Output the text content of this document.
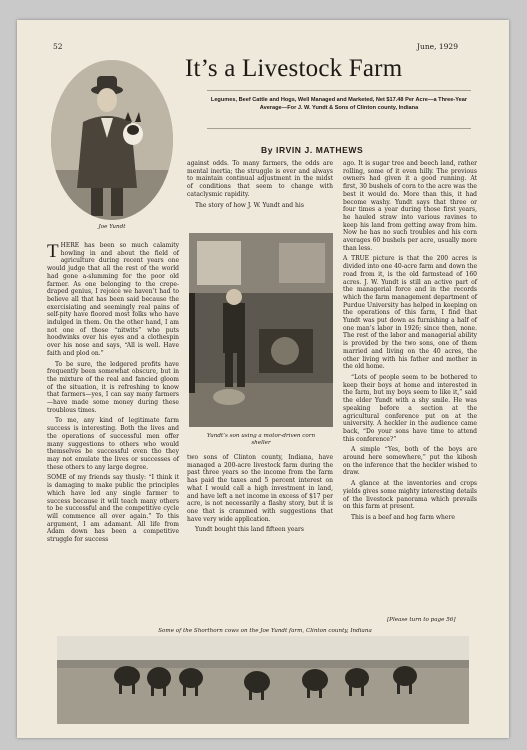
52	June, 1929
Joe Yundt
It’s a Livestock Farm
Legumes, Beef Cattle and Hogs, Well Managed and Marketed, Net $17.48 Per Acre—a Three-Year Average—For J. W. Yundt & Sons of Clinton county, Indiana
By IRVIN J. MATHEWS

THERE has been so much calamity howling in and about the field of agriculture during recent years one would judge that all the rest of the world had gone a-slumming for the poor old farmer. As one belonging to the crepe-draped genius, I rejoice we haven’t had to believe all that has been said because the exercisiating and seemingly real pains of self-pity have floored most folks who have indulged in them. On the other hand, I am not one of those “nitwits” who puts hoodwinks over his eyes and a clothespin over his nose and says, “All is well. Have faith and plod on.”

To be sure, the ledgered profits have frequently been somewhat obscure, but in the mixture of the real and fancied gloom of the situation, it is refreshing to know that farmers—yes, I can say many farmers—have made some money during these troublous times.

To me, any kind of legitimate farm success is interesting. Both the lives and the operations of successful men offer many suggestions to others who would themselves be successful even tho they may not emulate the lives or successes of these others to any large degree.

SOME of my friends say thusly: “I think it is damaging to make public the principles which have led any single farmer to success because it will teach many others to be successful and the competitive cycle will commence all over again.” To this argument, I am adamant. All life from Adam down has been a competitive struggle for success

against odds. To many farmers, the odds are mental inertia; the struggle is ever and always to maintain continual adjustment in the midst of conditions that seem to change with cataclysmic rapidity.

The story of how J. W. Yundt and his

Yundt’s son using a motor-driven corn sheller

two sons of Clinton county, Indiana, have managed a 200-acre livestock farm during the past three years so the income from the farm has paid the taxes and 5 percent interest on what I would call a high investment in land, and have left a net income in excess of $17 per acre, is not necessarily a flashy story, but it is one that is crammed with suggestions that have very wide application.

Yundt bought this land fifteen years

ago. It is sugar tree and beech land, rather rolling, some of it even hilly. The previous owners had given it a good running. At first, 30 bushels of corn to the acre was the best it would do. More than this, it had become washy. Yundt says that three or four times a year during those first years, he hauled straw into various ravines to keep his land from getting away from him. Now he has no such troubles and his corn averages 60 bushels per acre, usually more than less.

A TRUE picture is that the 200 acres is divided into one 40-acre farm and down the road from it, is the old farmstead of 160 acres. J. W. Yundt is still an active part of the managerial force and in the records which the farm management department of Purdue University has helped in keeping on the operations of this farm, I find that Yundt was put down as furnishing a half of one man’s labor in 1926; since then, none. The rest of the labor and managerial ability is provided by the two sons, one of them married and living on the 40 acres, the other living with his father and mother in the old home.

“Lots of people seem to be bothered to keep their boys at home and interested in the farm, but my boys seem to like it,” said the elder Yundt with a shy smile. He was speaking before a section at the agricultural conference put on at the university. A heckler in the audience came back, “Do your sons have time to attend this conference?”

A simple “Yes, both of the boys are around here somewhere,” put the kibosh on the inference that the heckler wished to draw.

A glance at the inventories and crops yields gives some mighty interesting details of the livestock panorama which prevails on this farm at present.

This is a beef and hog farm where

[Please turn to page 56]
Some of the Shorthorn cows on the Joe Yundt farm, Clinton county, Indiana
